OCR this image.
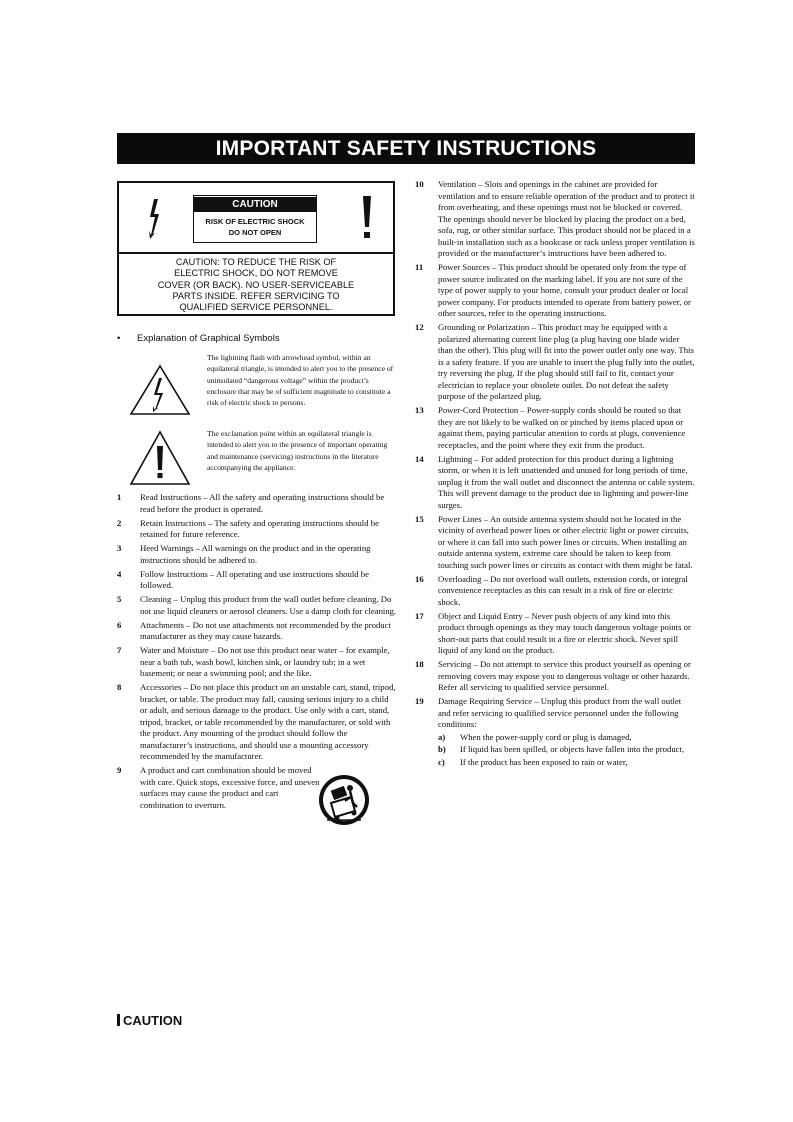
IMPORTANT SAFETY INSTRUCTIONS
CAUTION
RISK OF ELECTRIC SHOCK
DO NOT OPEN
CAUTION: TO REDUCE THE RISK OF
ELECTRIC SHOCK, DO NOT REMOVE
COVER (OR BACK). NO USER-SERVICEABLE
PARTS INSIDE. REFER SERVICING TO
QUALIFIED SERVICE PERSONNEL.
• Explanation of Graphical Symbols
The lightning flash with arrowhead symbol, within an equilateral triangle, is intended to alert you to the presence of uninsulated “dangerous voltage” within the product’s enclosure that may be of sufficient magnitude to constitute a risk of electric shock to persons.
The exclamation point within an equilateral triangle is intended to alert you to the presence of important operating and maintenance (servicing) instructions in the literature accompanying the appliance.
1	Read Instructions – All the safety and operating instructions should be read before the product is operated.
2	Retain Instructions – The safety and operating instructions should be retained for future reference.
3	Heed Warnings – All warnings on the product and in the operating instructions should be adhered to.
4	Follow Instructions – All operating and use instructions should be followed.
5	Cleaning – Unplug this product from the wall outlet before cleaning. Do not use liquid cleaners or aerosol cleaners. Use a damp cloth for cleaning.
6	Attachments – Do not use attachments not recommended by the product manufacturer as they may cause hazards.
7	Water and Moisture – Do not use this product near water – for example, near a bath tub, wash bowl, kitchen sink, or laundry tub; in a wet basement; or near a swimming pool; and the like.
8	Accessories – Do not place this product on an unstable cart, stand, tripod, bracket, or table. The product may fall, causing serious injury to a child or adult, and serious damage to the product. Use only with a cart, stand, tripod, bracket, or table recommended by the manufacturer, or sold with the product. Any mounting of the product should follow the manufacturer’s instructions, and should use a mounting accessory recommended by the manufacturer.
9	A product and cart combination should be moved with care. Quick stops, excessive force, and uneven surfaces may cause the product and cart combination to overturn.
10	Ventilation – Slots and openings in the cabinet are provided for ventilation and to ensure reliable operation of the product and to protect it from overheating, and these openings must not be blocked or covered. The openings should never be blocked by placing the product on a bed, sofa, rug, or other similar surface. This product should not be placed in a built-in installation such as a bookcase or rack unless proper ventilation is provided or the manufacturer’s instructions have been adhered to.
11	Power Sources – This product should be operated only from the type of power source indicated on the marking label. If you are not sure of the type of power supply to your home, consult your product dealer or local power company. For products intended to operate from battery power, or other sources, refer to the operating instructions.
12	Grounding or Polarization – This product may be equipped with a polarized alternating current line plug (a plug having one blade wider than the other). This plug will fit into the power outlet only one way. This is a safety feature. If you are unable to insert the plug fully into the outlet, try reversing the plug. If the plug should still fail to fit, contact your electrician to replace your obsolete outlet. Do not defeat the safety purpose of the polarized plug.
13	Power-Cord Protection – Power-supply cords should be routed so that they are not likely to be walked on or pinched by items placed upon or against them, paying particular attention to cords at plugs, convenience receptacles, and the point where they exit from the product.
14	Lightning – For added protection for this product during a lightning storm, or when it is left unattended and unused for long periods of time, unplug it from the wall outlet and disconnect the antenna or cable system. This will prevent damage to the product due to lightning and power-line surges.
15	Power Lines – An outside antenna system should not be located in the vicinity of overhead power lines or other electric light or power circuits, or where it can fall into such power lines or circuits. When installing an outside antenna system, extreme care should be taken to keep from touching such power lines or circuits as contact with them might be fatal.
16	Overloading – Do not overload wall outlets, extension cords, or integral convenience receptacles as this can result in a risk of fire or electric shock.
17	Object and Liquid Entry – Never push objects of any kind into this product through openings as they may touch dangerous voltage points or short-out parts that could result in a fire or electric shock. Never spill liquid of any kind on the product.
18	Servicing – Do not attempt to service this product yourself as opening or removing covers may expose you to dangerous voltage or other hazards. Refer all servicing to qualified service personnel.
19	Damage Requiring Service – Unplug this product from the wall outlet and refer servicing to qualified service personnel under the following conditions:
a)	When the power-supply cord or plug is damaged,
b)	If liquid has been spilled, or objects have fallen into the product,
c)	If the product has been exposed to rain or water,
CAUTION
